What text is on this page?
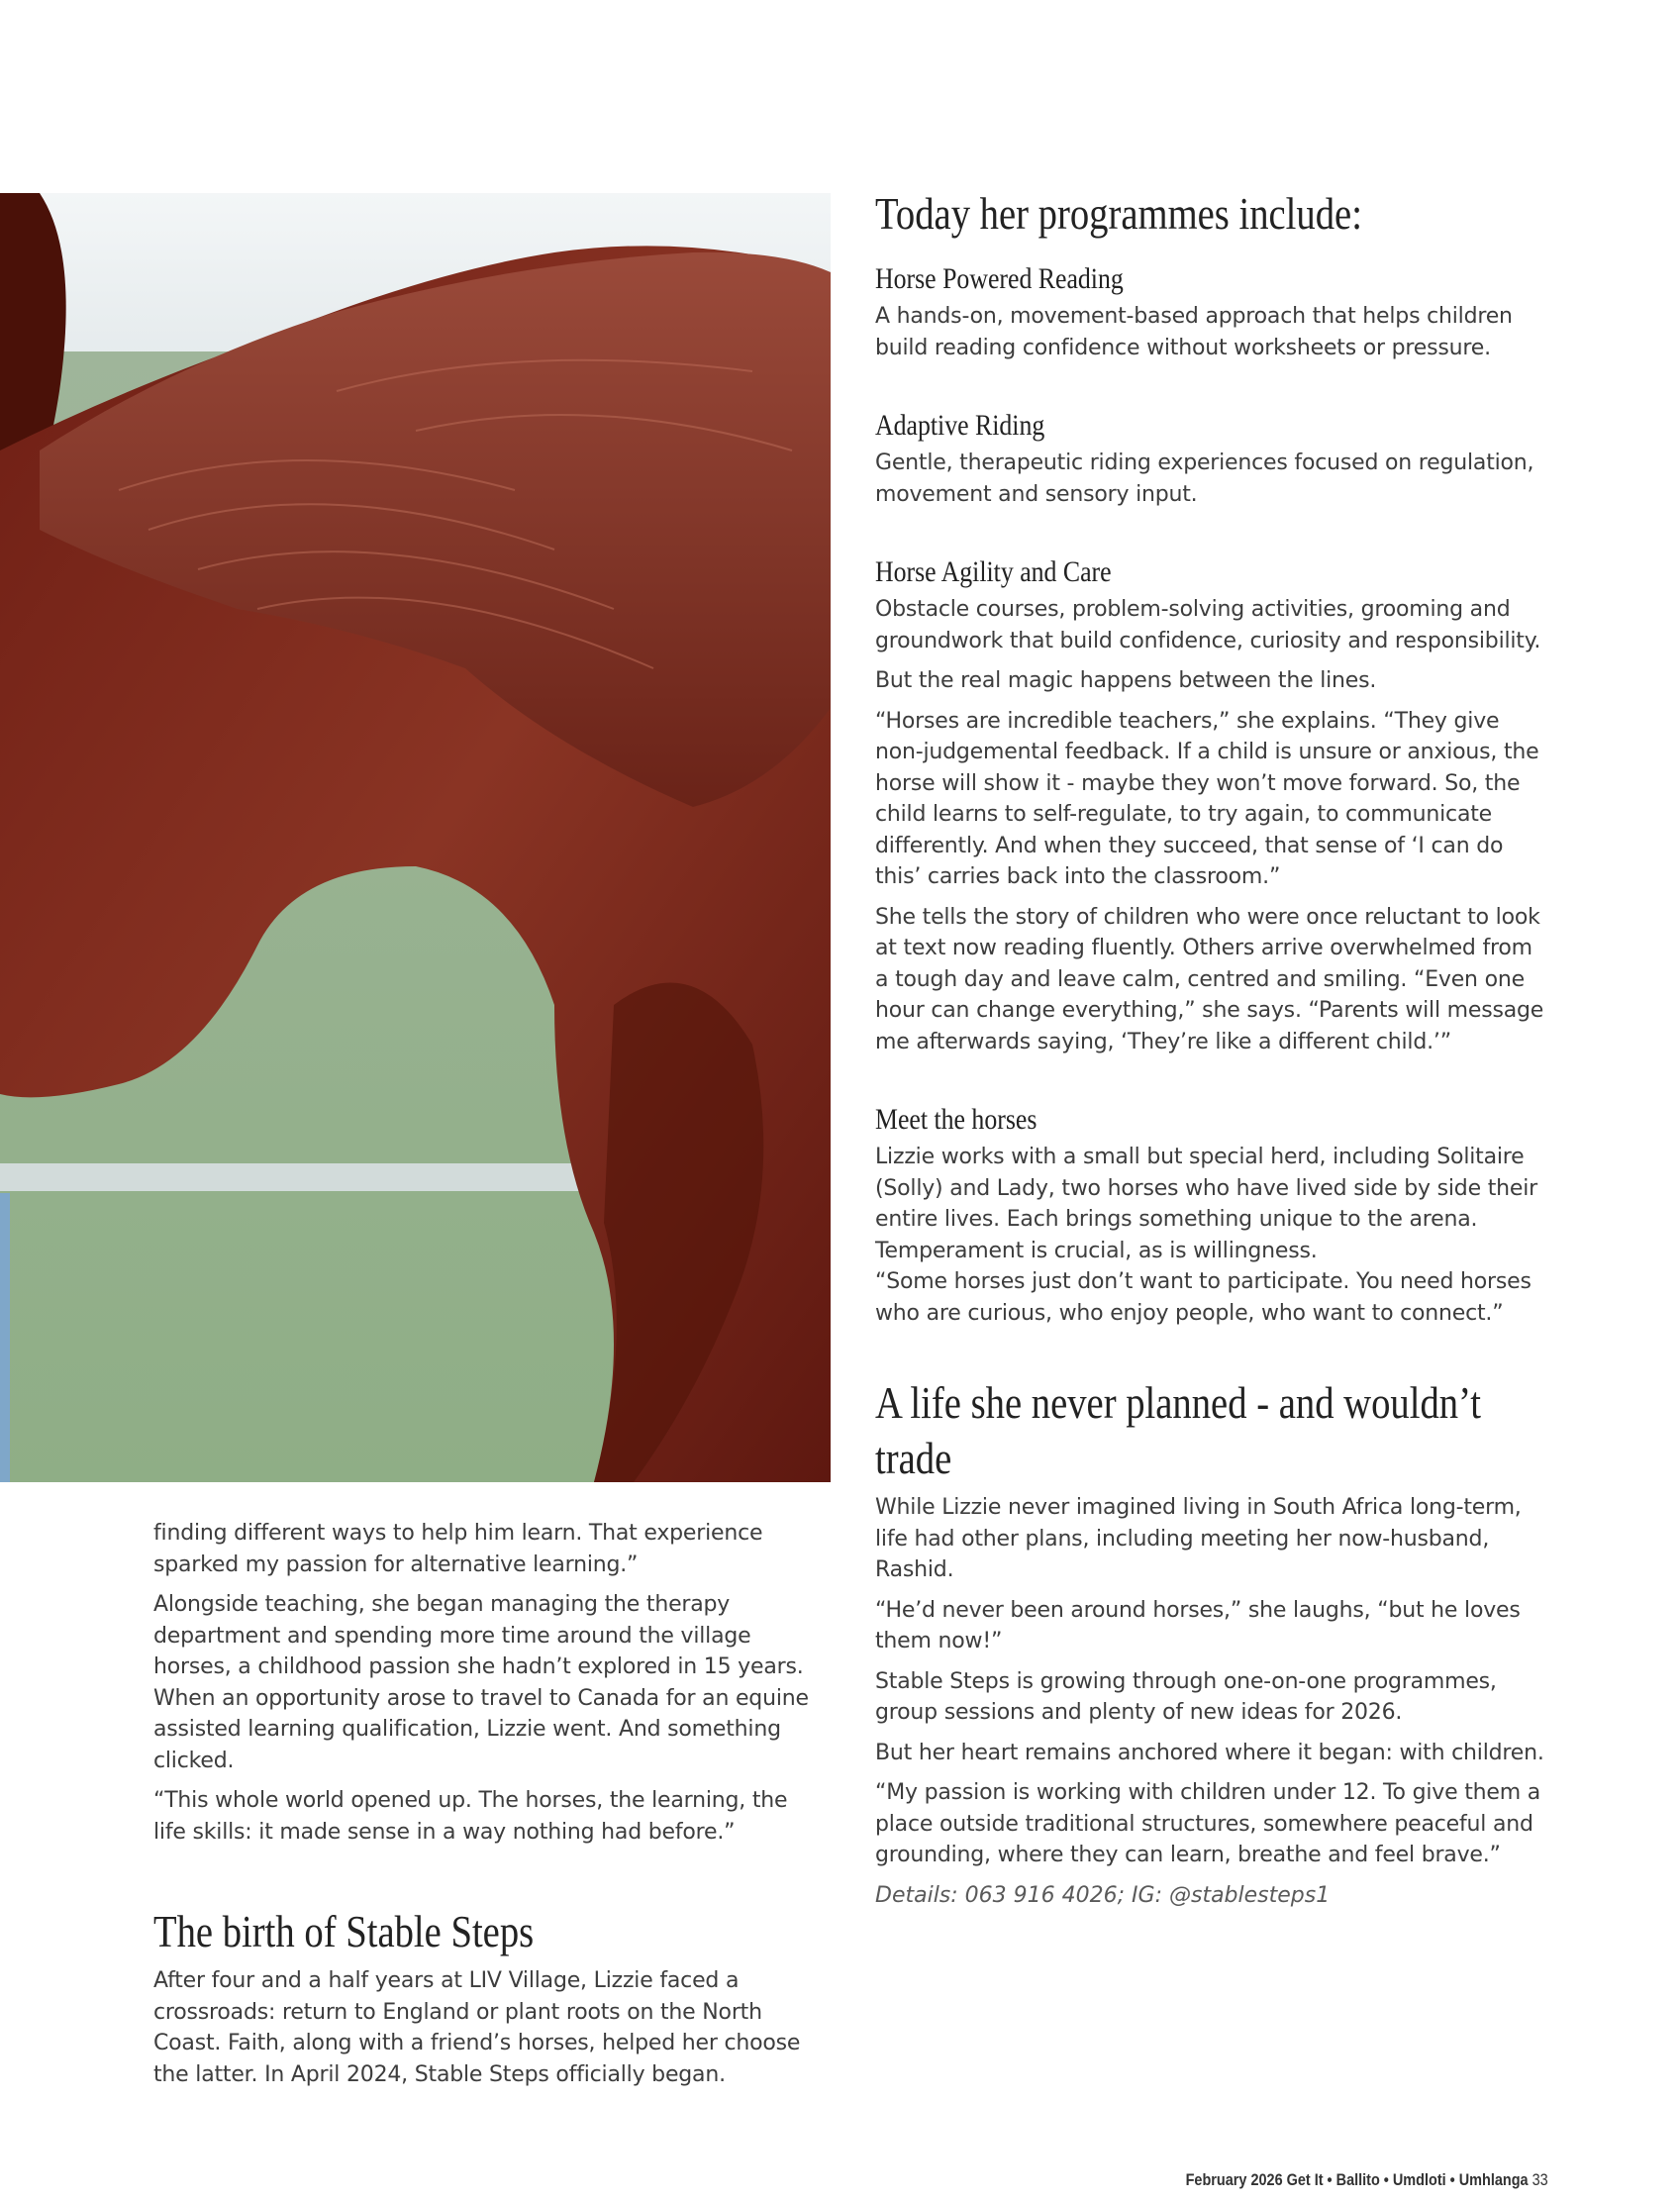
Today her programmes include:
Horse Powered Reading

A hands-on, movement-based approach that helps children build reading confidence without worksheets or pressure.

Adaptive Riding

Gentle, therapeutic riding experiences focused on regulation, movement and sensory input.

Horse Agility and Care

Obstacle courses, problem-solving activities, grooming and groundwork that build confidence, curiosity and responsibility.

But the real magic happens between the lines.

“Horses are incredible teachers,” she explains. “They give non-judgemental feedback. If a child is unsure or anxious, the horse will show it - maybe they won’t move forward. So, the child learns to self-regulate, to try again, to communicate differently. And when they succeed, that sense of ‘I can do this’ carries back into the classroom.”

She tells the story of children who were once reluctant to look at text now reading fluently. Others arrive overwhelmed from a tough day and leave calm, centred and smiling. “Even one hour can change everything,” she says. “Parents will message me afterwards saying, ‘They’re like a different child.’”

Meet the horses

Lizzie works with a small but special herd, including Solitaire (Solly) and Lady, two horses who have lived side by side their entire lives. Each brings something unique to the arena. Temperament is crucial, as is willingness.

“Some horses just don’t want to participate. You need horses who are curious, who enjoy people, who want to connect.”

A life she never planned - and wouldn’t trade

While Lizzie never imagined living in South Africa long-term, life had other plans, including meeting her now-husband, Rashid.

“He’d never been around horses,” she laughs, “but he loves them now!”

Stable Steps is growing through one-on-one programmes, group sessions and plenty of new ideas for 2026.

But her heart remains anchored where it began: with children.

“My passion is working with children under 12. To give them a place outside traditional structures, somewhere peaceful and grounding, where they can learn, breathe and feel brave.”

Details: 063 916 4026; IG: @stablesteps1

finding different ways to help him learn. That experience sparked my passion for alternative learning.”

Alongside teaching, she began managing the therapy department and spending more time around the village horses, a childhood passion she hadn’t explored in 15 years. When an opportunity arose to travel to Canada for an equine assisted learning qualification, Lizzie went. And something clicked.

“This whole world opened up. The horses, the learning, the life skills: it made sense in a way nothing had before.”

The birth of Stable Steps

After four and a half years at LIV Village, Lizzie faced a crossroads: return to England or plant roots on the North Coast. Faith, along with a friend’s horses, helped her choose the latter. In April 2024, Stable Steps officially began.

February 2026 Get It • Ballito • Umdloti • Umhlanga 33
